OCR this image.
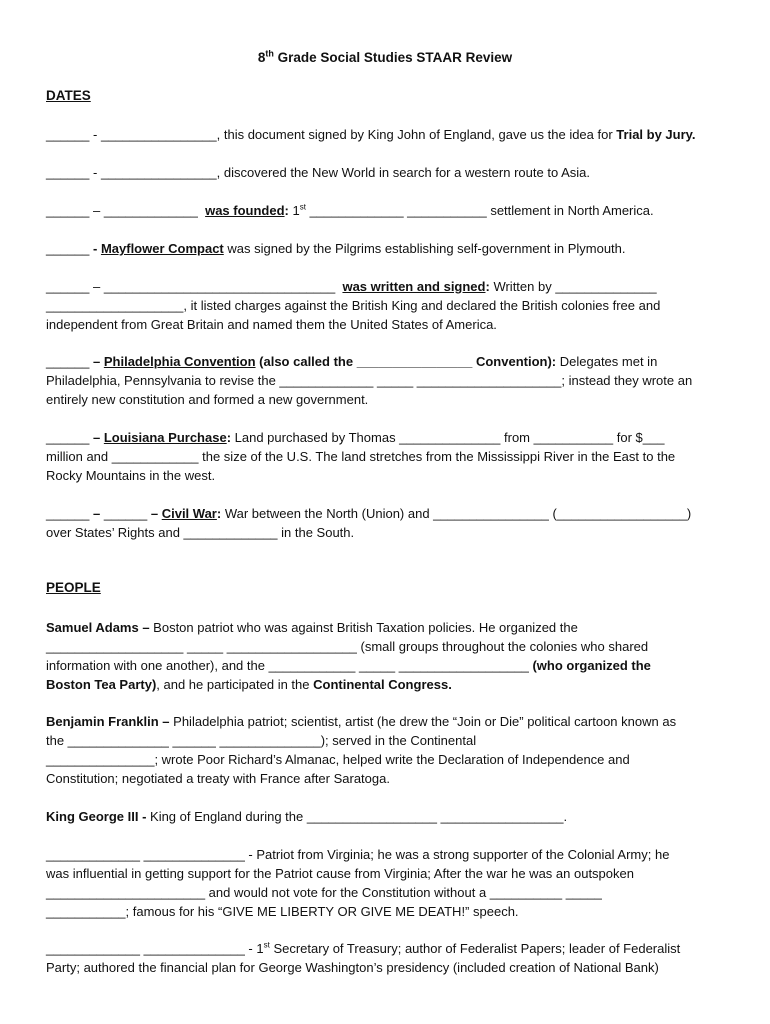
8th Grade Social Studies STAAR Review
DATES
______ - ________________, this document signed by King John of England, gave us the idea for Trial by Jury.
______ - ________________, discovered the New World in search for a western route to Asia.
______ – _____________ was founded: 1st _____________ ___________ settlement in North America.
______ - Mayflower Compact was signed by the Pilgrims establishing self-government in Plymouth.
______ – ________________________________ was written and signed: Written by ______________
___________________, it listed charges against the British King and declared the British colonies free and
independent from Great Britain and named them the United States of America.
______ – Philadelphia Convention (also called the ________________ Convention): Delegates met in
Philadelphia, Pennsylvania to revise the _____________ _____ ____________________; instead they wrote an
entirely new constitution and formed a new government.
______ – Louisiana Purchase: Land purchased by Thomas ______________ from ___________ for $___
million and ____________ the size of the U.S. The land stretches from the Mississippi River in the East to the
Rocky Mountains in the west.
______ – ______ – Civil War: War between the North (Union) and ________________ (__________________)
over States’ Rights and _____________ in the South.
PEOPLE
Samuel Adams – Boston patriot who was against British Taxation policies. He organized the
___________________ _____ __________________ (small groups throughout the colonies who shared
information with one another), and the ____________ _____ __________________ (who organized the
Boston Tea Party), and he participated in the Continental Congress.
Benjamin Franklin – Philadelphia patriot; scientist, artist (he drew the “Join or Die” political cartoon known as
the ______________ ______ ______________); served in the Continental
_______________; wrote Poor Richard’s Almanac, helped write the Declaration of Independence and
Constitution; negotiated a treaty with France after Saratoga.
King George III - King of England during the __________________ _________________.
_____________ ______________ - Patriot from Virginia; he was a strong supporter of the Colonial Army; he
was influential in getting support for the Patriot cause from Virginia; After the war he was an outspoken
______________________ and would not vote for the Constitution without a __________ _____
___________; famous for his “GIVE ME LIBERTY OR GIVE ME DEATH!” speech.
_____________ ______________ - 1st Secretary of Treasury; author of Federalist Papers; leader of Federalist
Party; authored the financial plan for George Washington’s presidency (included creation of National Bank)
